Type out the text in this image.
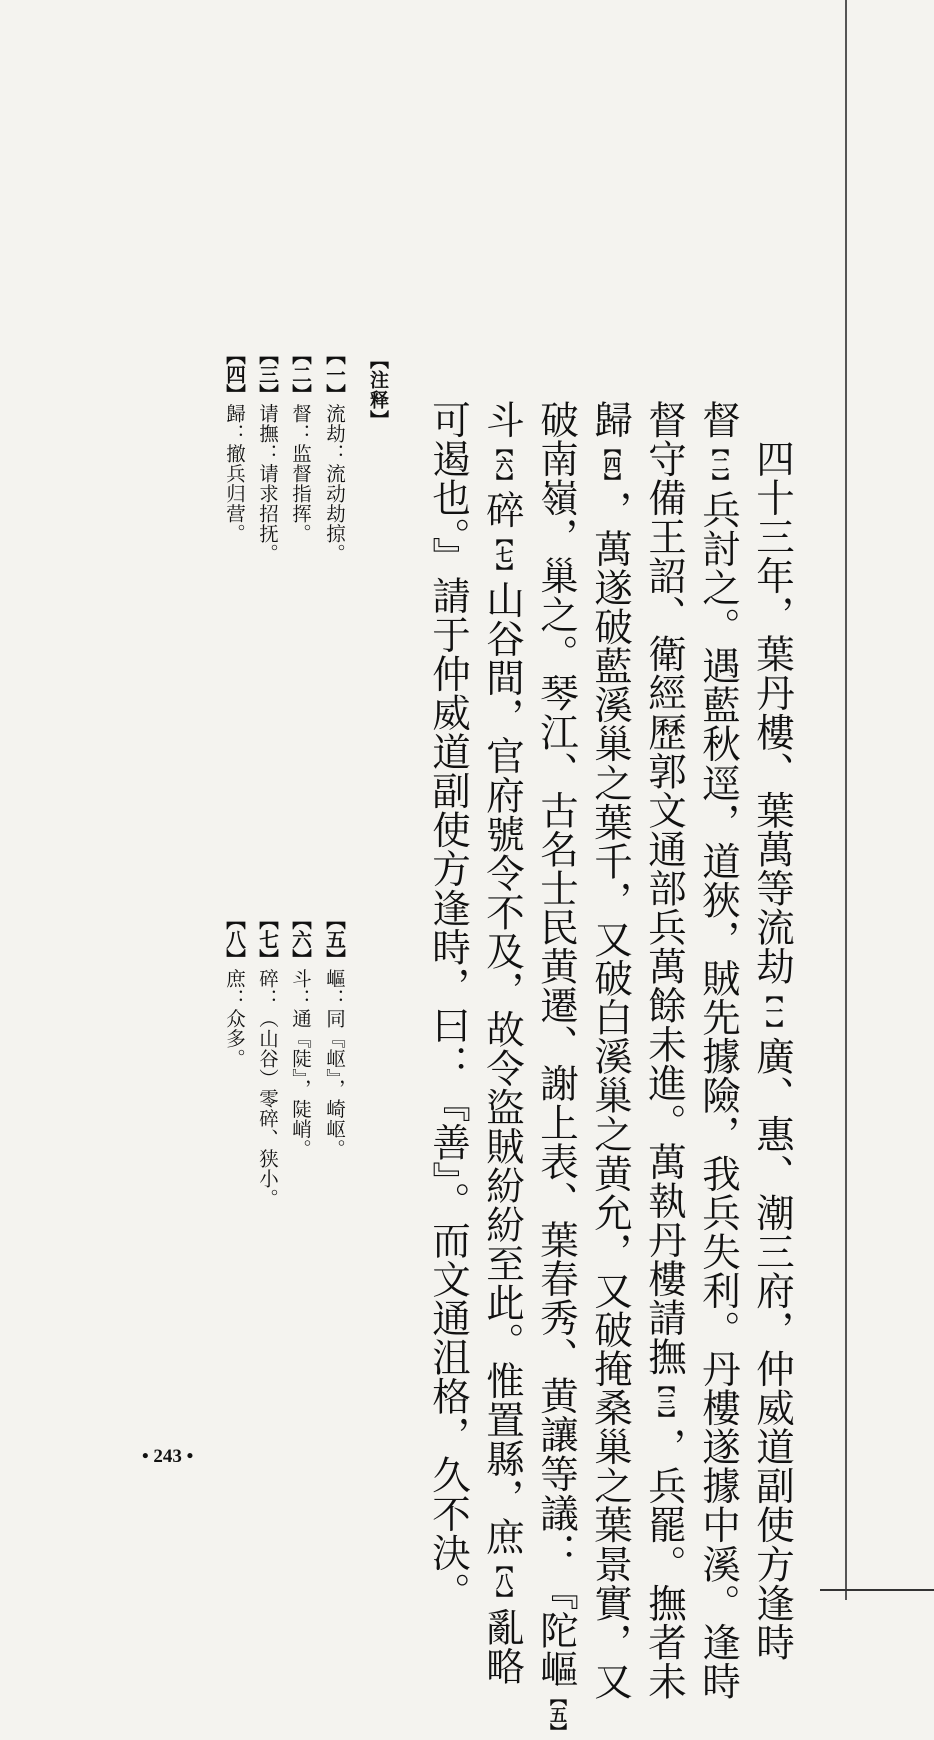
　四十三年，葉丹樓、葉萬等流劫【一】廣、惠、潮三府，仲威道副使方逢時
督【二】兵討之。遇藍秋逕，道狹，賊先據險，我兵失利。丹樓遂據中溪。逢時
督守備王詔、衛經歷郭文通部兵萬餘未進。萬執丹樓請撫【三】，兵罷。撫者未
歸【四】，萬遂破藍溪巢之葉千，又破白溪巢之黄允，又破掩桑巢之葉景實，又
破南嶺，巢之。琴江、古名士民黄遷、謝上表、葉春秀、黄讓等議：『陀嶇【五】
斗【六】碎【七】山谷間，官府號令不及，故令盜賊紛紛至此。惟置縣，庶【八】亂略
可遏也。』請于仲威道副使方逢時，曰：『善』。而文通沮格，久不決。
【注释】
【一】流劫：流动劫掠。
【二】督：监督指挥。
【三】请撫：请求招抚。
【四】歸：撤兵归营。
【五】嶇：同『岖』，崎岖。
【六】斗：通『陡』，陡峭。
【七】碎：（山谷）零碎、狭小。
【八】庶：众多。
• 243 •
